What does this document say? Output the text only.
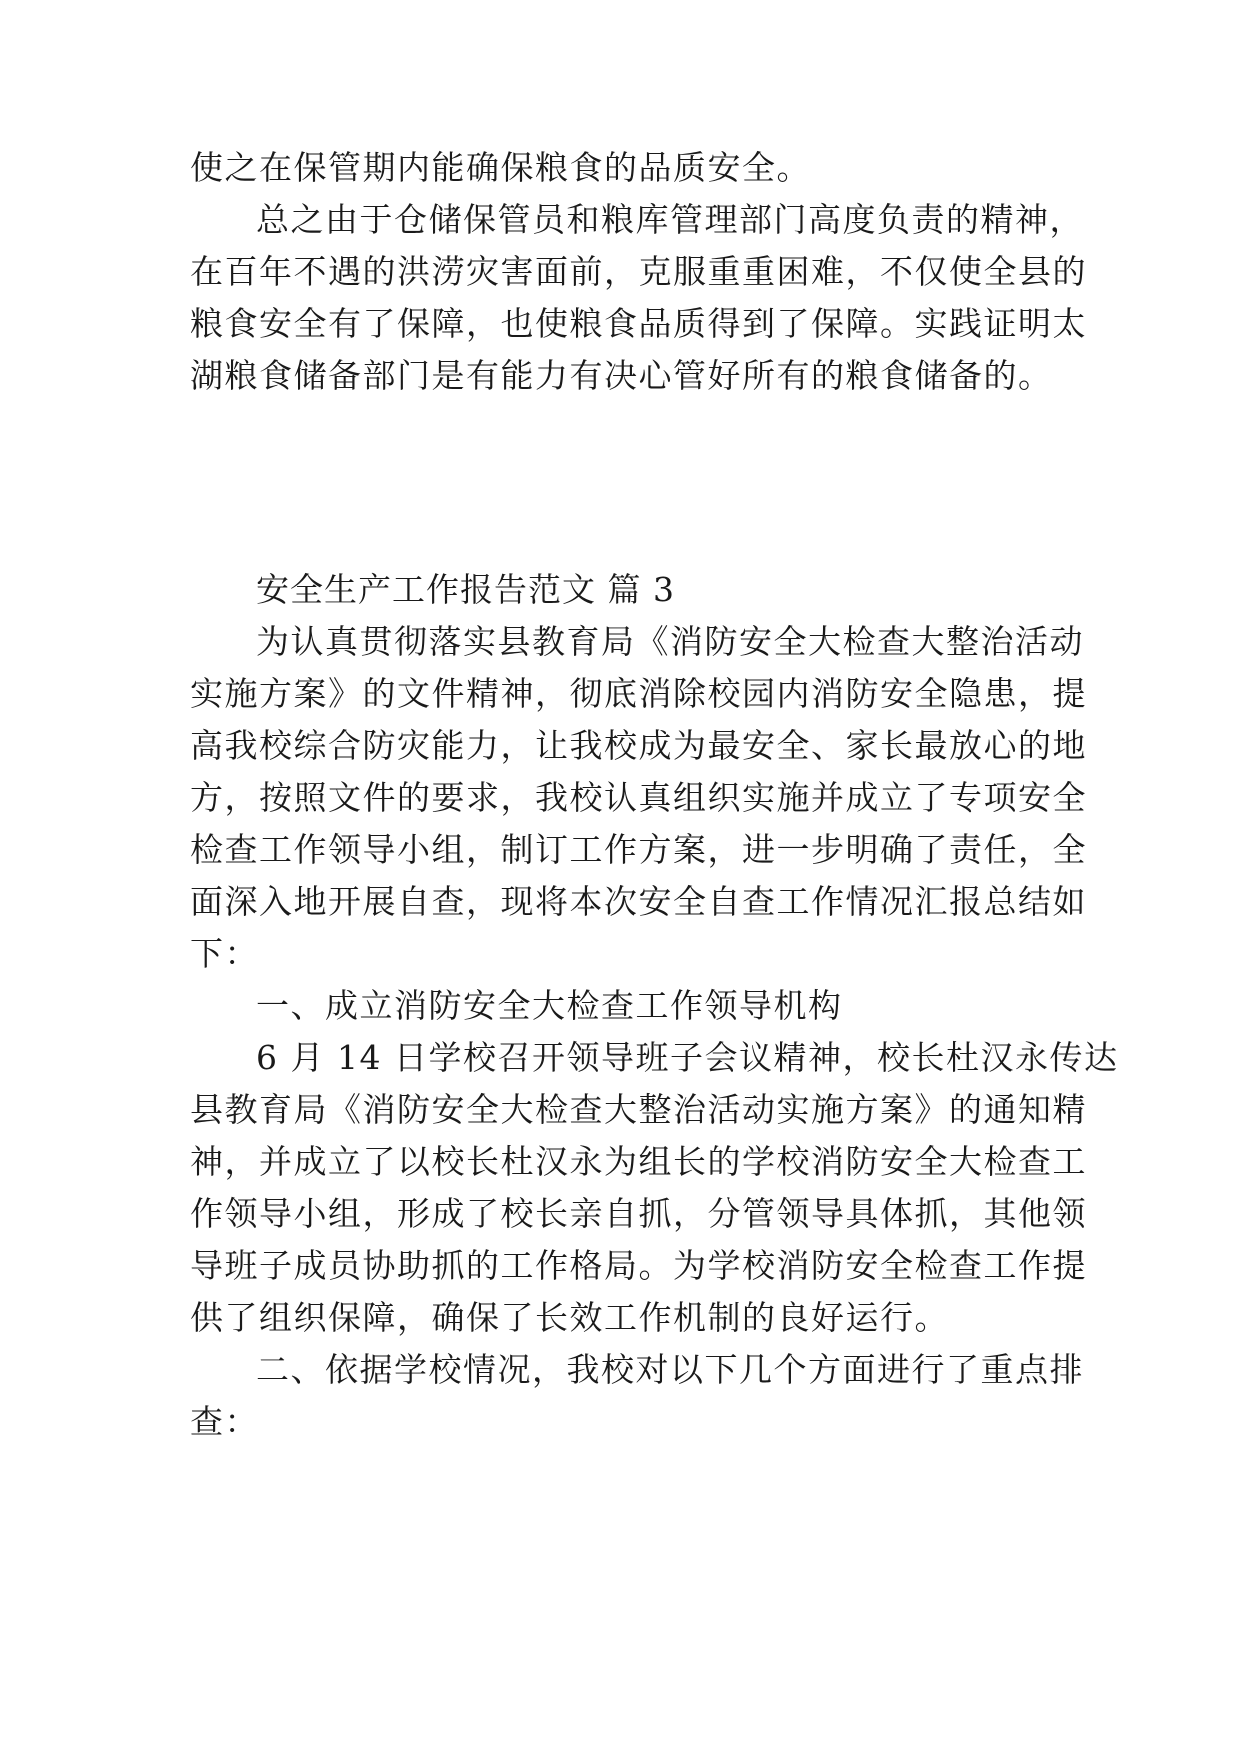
使之在保管期内能确保粮食的品质安全。
总之由于仓储保管员和粮库管理部门高度负责的精神，
在百年不遇的洪涝灾害面前，克服重重困难，不仅使全县的
粮食安全有了保障，也使粮食品质得到了保障。实践证明太
湖粮食储备部门是有能力有决心管好所有的粮食储备的。
安全生产工作报告范文 篇 3
为认真贯彻落实县教育局《消防安全大检查大整治活动
实施方案》的文件精神，彻底消除校园内消防安全隐患，提
高我校综合防灾能力，让我校成为最安全、家长最放心的地
方，按照文件的要求，我校认真组织实施并成立了专项安全
检查工作领导小组，制订工作方案，进一步明确了责任，全
面深入地开展自查，现将本次安全自查工作情况汇报总结如
下：
一、成立消防安全大检查工作领导机构
6 月 14 日学校召开领导班子会议精神，校长杜汉永传达
县教育局《消防安全大检查大整治活动实施方案》的通知精
神，并成立了以校长杜汉永为组长的学校消防安全大检查工
作领导小组，形成了校长亲自抓，分管领导具体抓，其他领
导班子成员协助抓的工作格局。为学校消防安全检查工作提
供了组织保障，确保了长效工作机制的良好运行。
二、依据学校情况，我校对以下几个方面进行了重点排
查：
